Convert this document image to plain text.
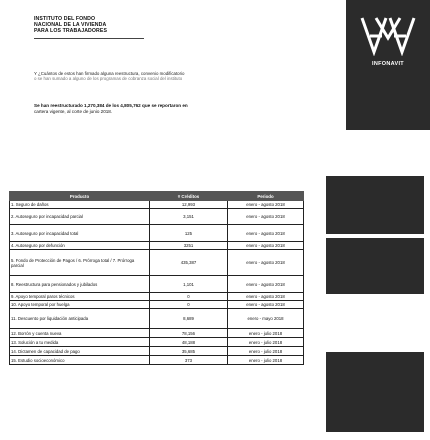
INSTITUTO DEL FONDO
NACIONAL DE LA VIVIENDA
PARA LOS TRABAJADORES
INFONAVIT
Y ¿Cuántos de estos han firmado alguna reestructura, convenio modificatorio
o se han sumado a alguno de los programas de cobranza social del instituto
Se han reestructurado 1,270,384 de los 4,805,762 que se reportaron en
cartera vigente, al corte de junio 2018.
Producto	# Créditos	Periodo
1. Seguro de daños	12,993	enero - agosto 2018
2. Autoseguro por incapacidad parcial	3,151	enero - agosto 2018
3. Autoseguro por incapacidad total	125	enero - agosto 2018
4. Autoseguro por defunción	3251	enero - agosto 2018
5. Fondo de Protección de Pagos / 6. Prórroga total / 7. Prórroga parcial	435,387	enero - agosto 2018
8. Reestructura para pensionados y jubilados	1,101	enero - agosto 2018
9. Apoyo temporal paros técnicos	0	enero - agosto 2018
10. Apoyo temporal por huelga	0	enero - agosto 2018
11. Descuento por liquidación anticipada	8,689	enero - mayo 2018
12. Borrón y cuenta nueva	78,156	enero - julio 2018
13. Solución a tu medida	48,188	enero - julio 2018
14. Dictamen de capacidad de pago	35,685	enero - julio 2018
15. Estudio socioeconómico	373	enero - julio 2018
